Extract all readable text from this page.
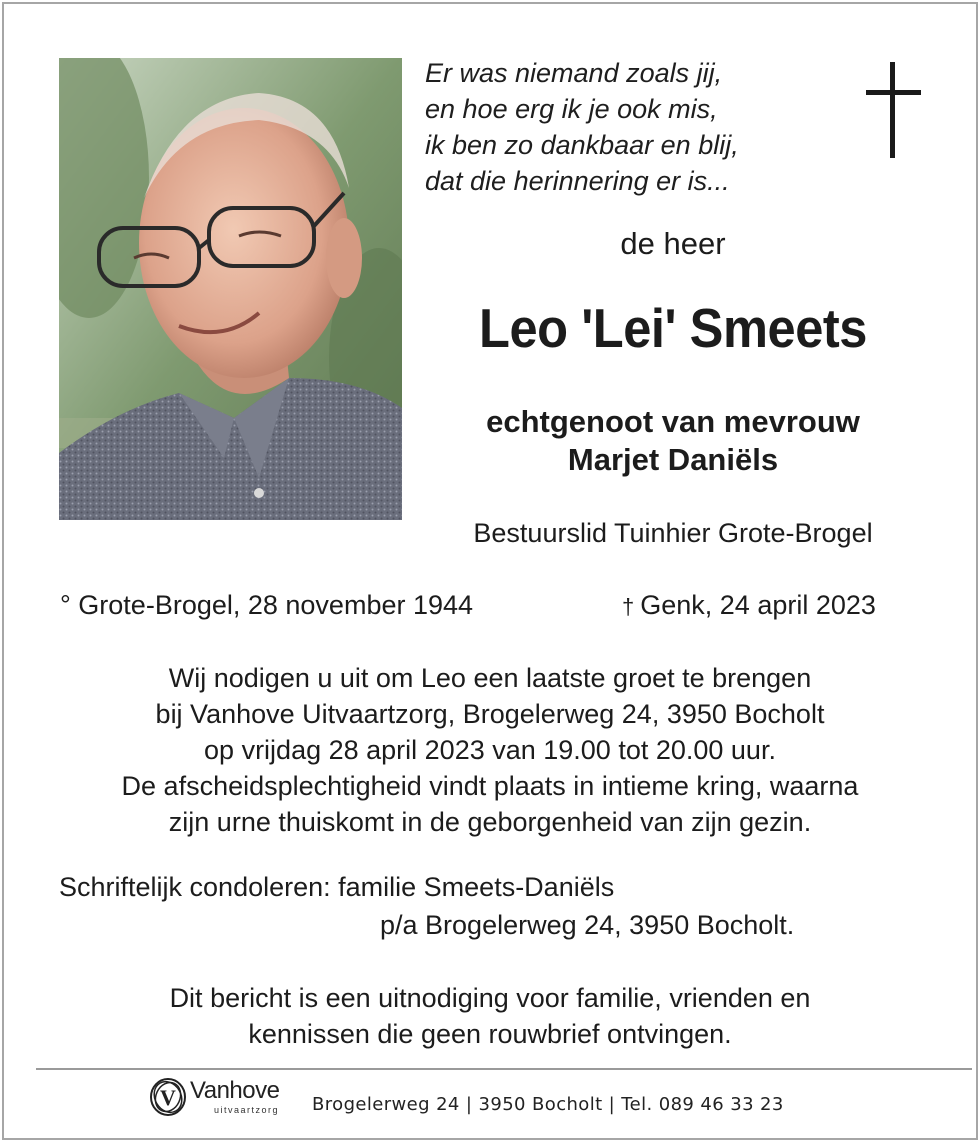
Er was niemand zoals jij,
en hoe erg ik je ook mis,
ik ben zo dankbaar en blij,
dat die herinnering er is...
de heer
Leo 'Lei' Smeets
echtgenoot van mevrouw
Marjet Daniëls
Bestuurslid Tuinhier Grote-Brogel
° Grote-Brogel, 28 november 1944	† Genk, 24 april 2023
Wij nodigen u uit om Leo een laatste groet te brengen
bij Vanhove Uitvaartzorg, Brogelerweg 24, 3950 Bocholt
op vrijdag 28 april 2023 van 19.00 tot 20.00 uur.
De afscheidsplechtigheid vindt plaats in intieme kring, waarna
zijn urne thuiskomt in de geborgenheid van zijn gezin.
Schriftelijk condoleren: familie Smeets-Daniëls
p/a Brogelerweg 24, 3950 Bocholt.
Dit bericht is een uitnodiging voor familie, vrienden en
kennissen die geen rouwbrief ontvingen.
V Vanhove
uitvaartzorg Brogelerweg 24 | 3950 Bocholt | Tel. 089 46 33 23
